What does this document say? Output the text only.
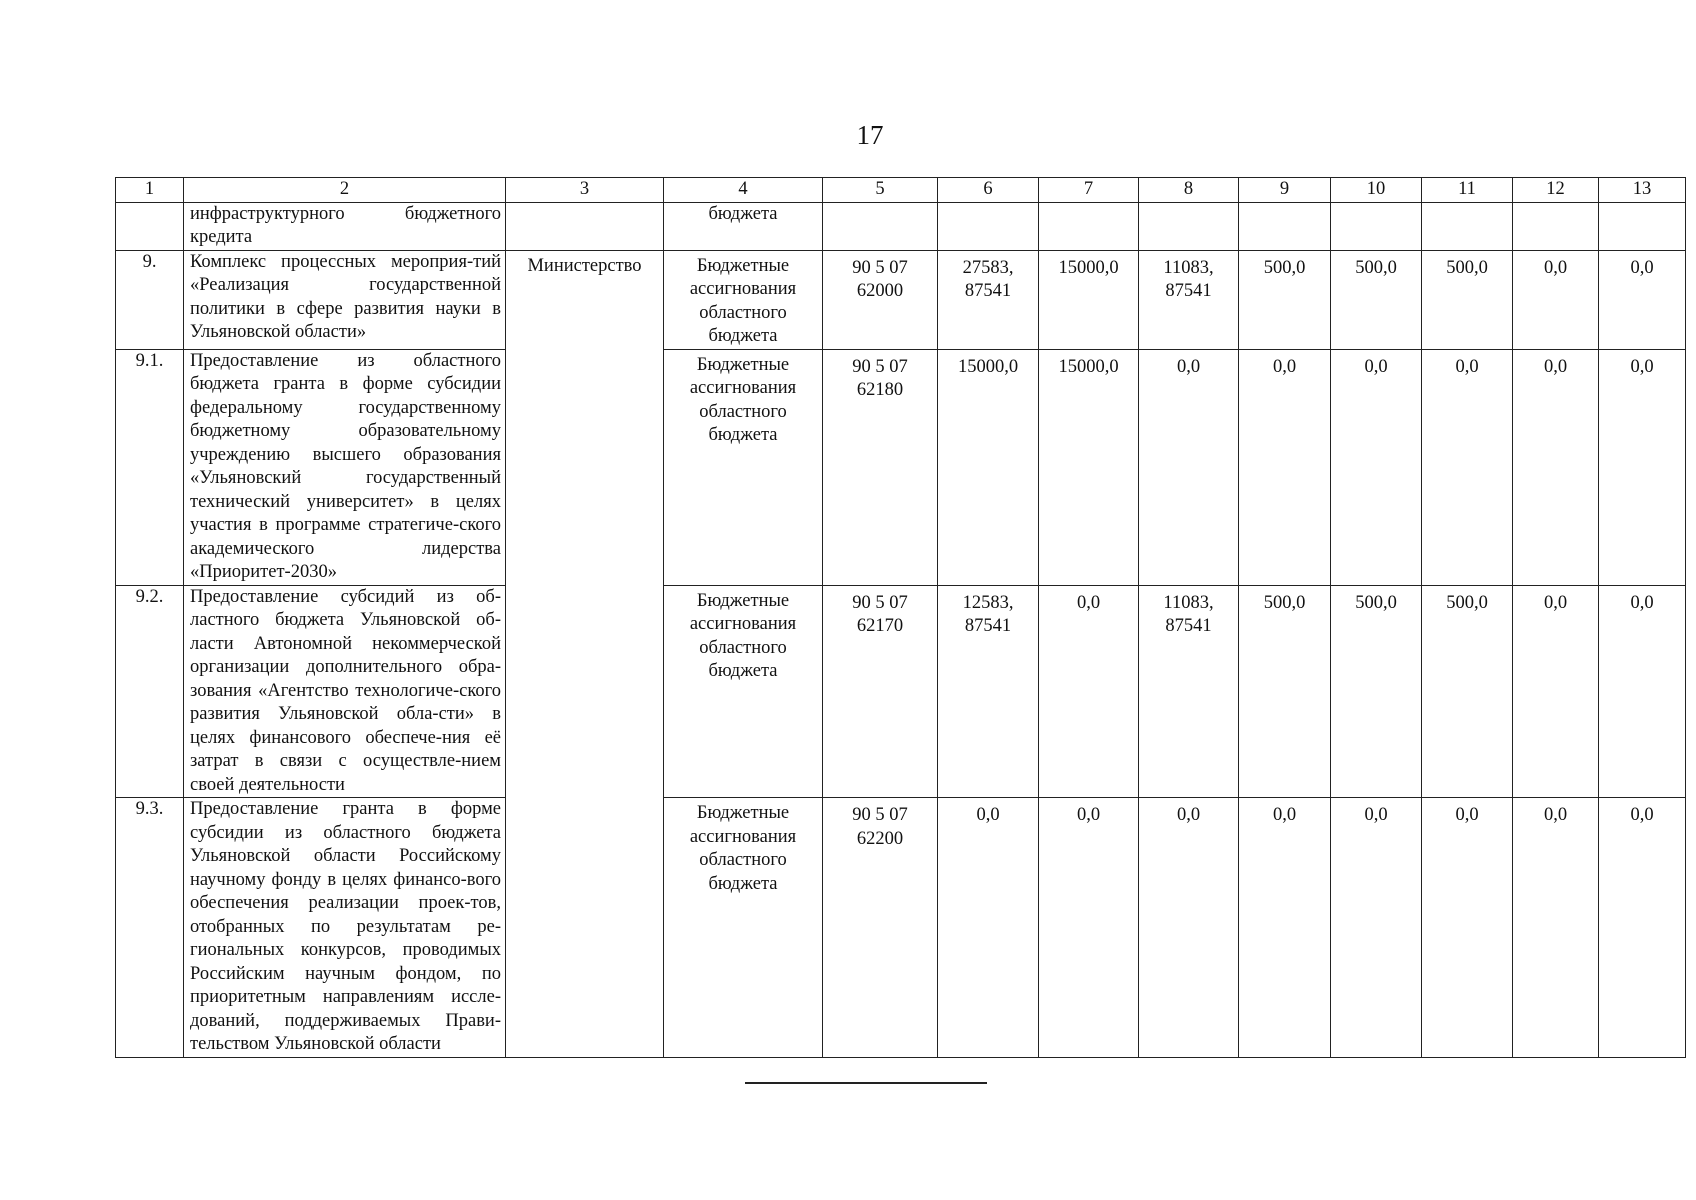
17
1	2	3	4	5	6	7	8	9	10	11	12	13
	инфраструктурного бюджетного кредита		бюджета									
9.	Комплекс процессных мероприя-тий «Реализация государственной политики в сфере развития науки в Ульяновской области»	Министерство	Бюджетные ассигнования областного бюджета	90 5 07 62000	27583, 87541	15000,0	11083, 87541	500,0	500,0	500,0	0,0	0,0
9.1.	Предоставление из областного бюджета гранта в форме субсидии федеральному государственному бюджетному образовательному учреждению высшего образования «Ульяновский государственный технический университет» в целях участия в программе стратегиче-ского академического лидерства «Приоритет-2030»		Бюджетные ассигнования областного бюджета	90 5 07 62180	15000,0	15000,0	0,0	0,0	0,0	0,0	0,0	0,0
9.2.	Предоставление субсидий из об-ластного бюджета Ульяновской об-ласти Автономной некоммерческой организации дополнительного обра-зования «Агентство технологиче-ского развития Ульяновской обла-сти» в целях финансового обеспече-ния её затрат в связи с осуществле-нием своей деятельности		Бюджетные ассигнования областного бюджета	90 5 07 62170	12583, 87541	0,0	11083, 87541	500,0	500,0	500,0	0,0	0,0
9.3.	Предоставление гранта в форме субсидии из областного бюджета Ульяновской области Российскому научному фонду в целях финансо-вого обеспечения реализации проек-тов, отобранных по результатам ре-гиональных конкурсов, проводимых Российским научным фондом, по приоритетным направлениям иссле-дований, поддерживаемых Прави-тельством Ульяновской области		Бюджетные ассигнования областного бюджета	90 5 07 62200	0,0	0,0	0,0	0,0	0,0	0,0	0,0	0,0
